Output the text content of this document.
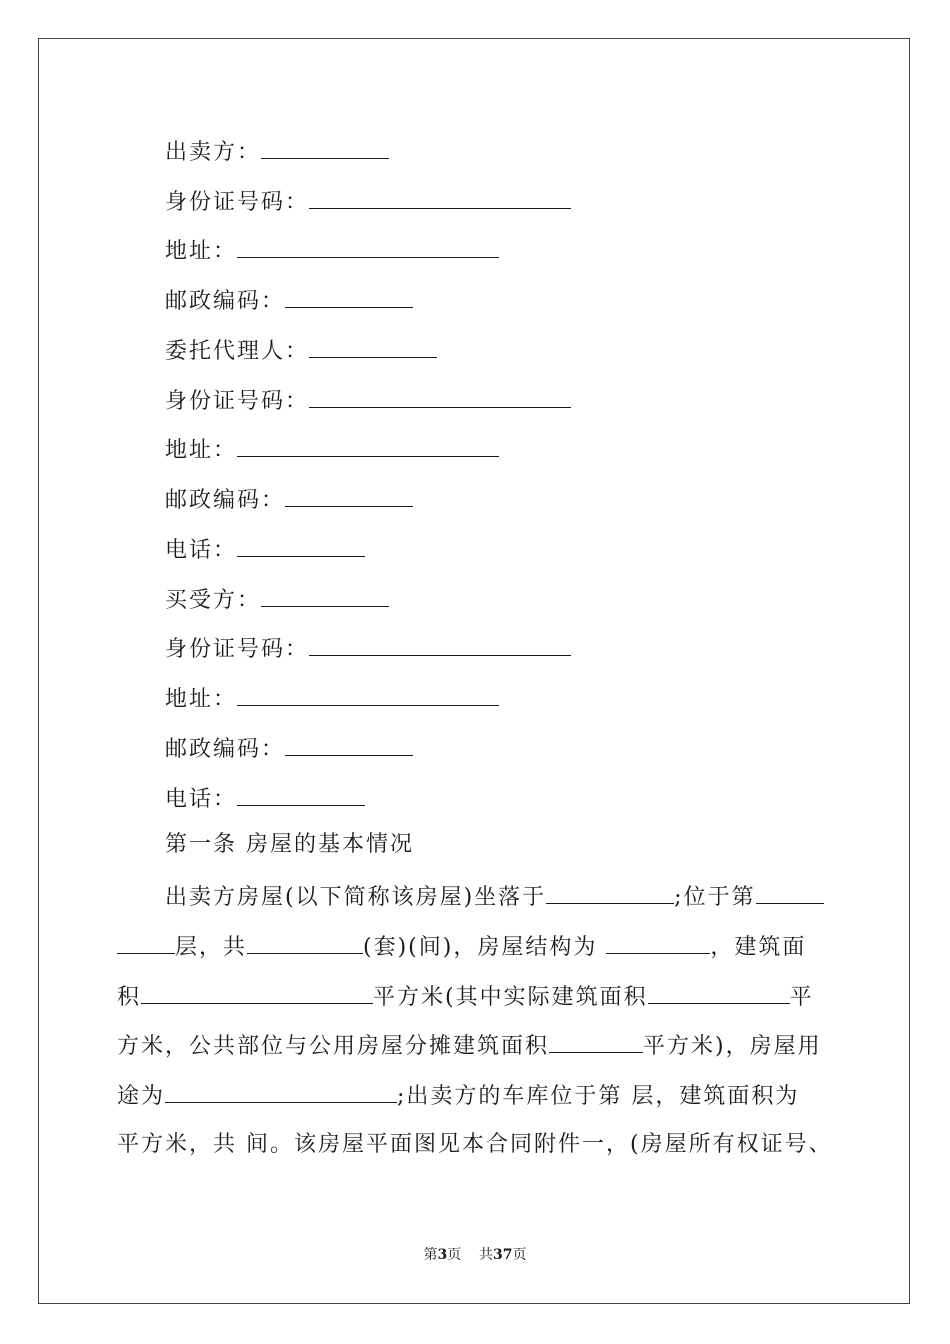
出卖方：
身份证号码：
地址：
邮政编码：
委托代理人：
身份证号码：
地址：
邮政编码：
电话：
买受方：
身份证号码：
地址：
邮政编码：
电话：
第一条 房屋的基本情况
出卖方房屋(以下简称该房屋)坐落于	;位于第
层，共	(套)(间)，房屋结构为	，建筑面
积	平方米(其中实际建筑面积	平
方米，公共部位与公用房屋分摊建筑面积	平方米)，房屋用
途为	;出卖方的车库位于第 层，建筑面积为
平方米，共 间。该房屋平面图见本合同附件一，(房屋所有权证号、
第3页    共37页
